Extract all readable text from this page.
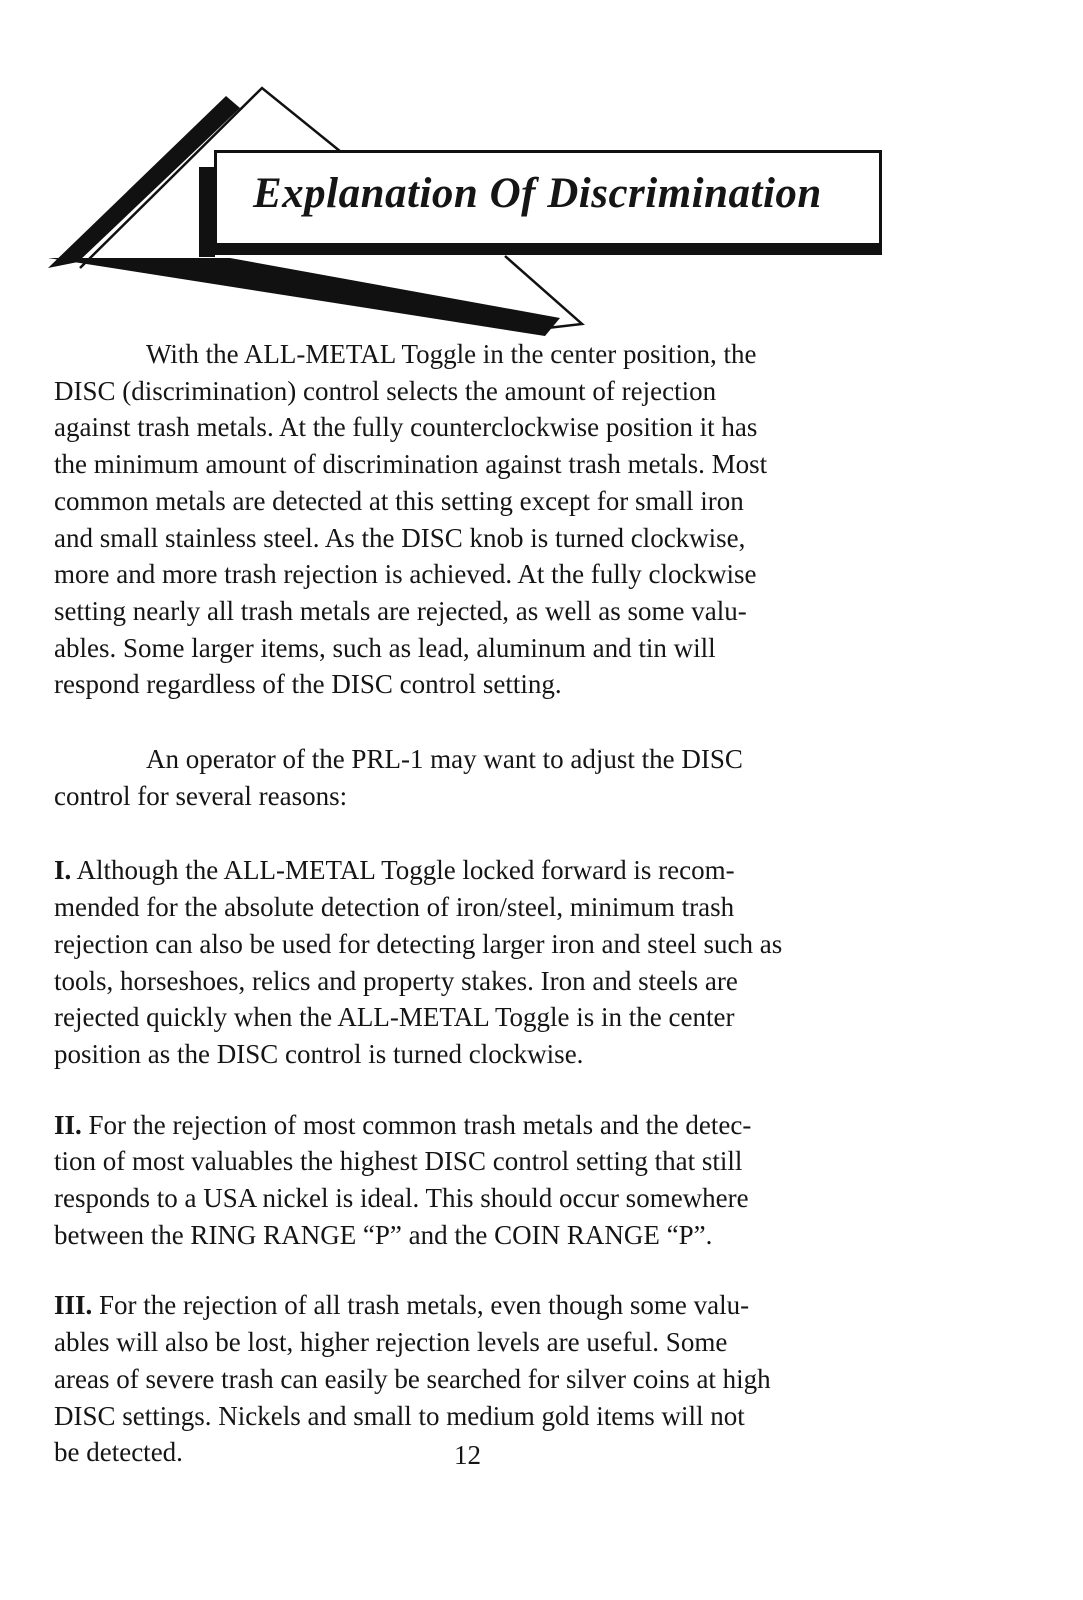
Explanation Of Discrimination

With the ALL-METAL Toggle in the center position, the
DISC (discrimination) control selects the amount of rejection
against trash metals. At the fully counterclockwise position it has
the minimum amount of discrimination against trash metals. Most
common metals are detected at this setting except for small iron
and small stainless steel. As the DISC knob is turned clockwise,
more and more trash rejection is achieved. At the fully clockwise
setting nearly all trash metals are rejected, as well as some valu-
ables. Some larger items, such as lead, aluminum and tin will
respond regardless of the DISC control setting.

An operator of the PRL-1 may want to adjust the DISC
control for several reasons:

I. Although the ALL-METAL Toggle locked forward is recom-
mended for the absolute detection of iron/steel, minimum trash
rejection can also be used for detecting larger iron and steel such as
tools, horseshoes, relics and property stakes. Iron and steels are
rejected quickly when the ALL-METAL Toggle is in the center
position as the DISC control is turned clockwise.

II. For the rejection of most common trash metals and the detec-
tion of most valuables the highest DISC control setting that still
responds to a USA nickel is ideal. This should occur somewhere
between the RING RANGE “P” and the COIN RANGE “P”.

III. For the rejection of all trash metals, even though some valu-
ables will also be lost, higher rejection levels are useful. Some
areas of severe trash can easily be searched for silver coins at high
DISC settings. Nickels and small to medium gold items will not
be detected.	12
